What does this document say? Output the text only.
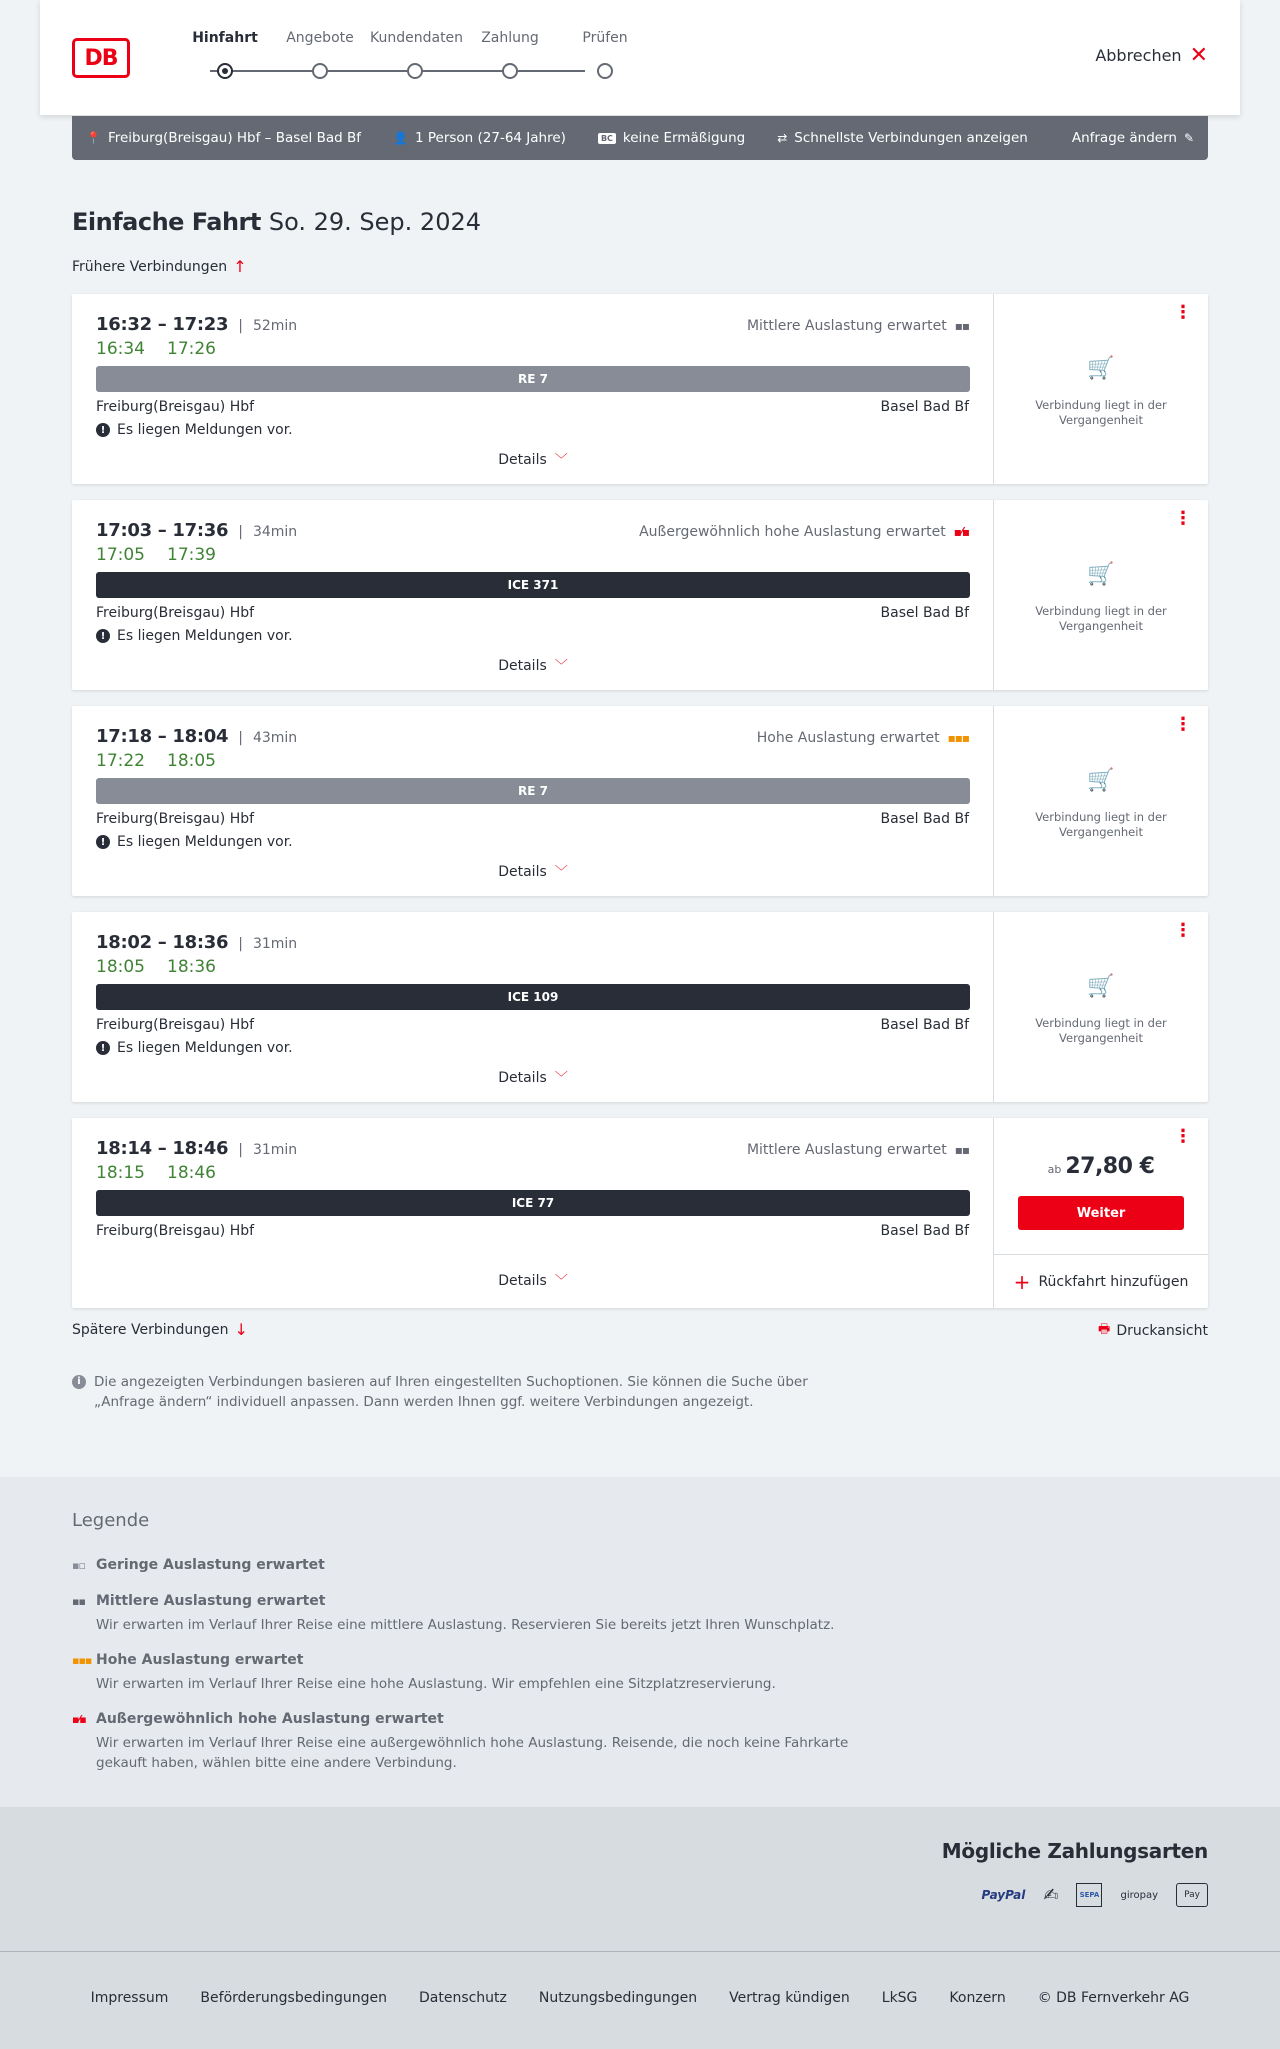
DB
Hinfahrt	Angebote	Kundendaten	Zahlung	Prüfen
Abbrechen ✕
📍 Freiburg(Breisgau) Hbf – Basel Bad Bf	👤 1 Person (27-64 Jahre)	BC keine Ermäßigung	⇄ Schnellste Verbindungen anzeigen	Anfrage ändern ✎
Einfache Fahrt So. 29. Sep. 2024
Frühere Verbindungen ↑
16:32 – 17:23 | 52min
16:34 17:26
Mittlere Auslastung erwartet ▪▪
RE 7
Freiburg(Breisgau) Hbf	Basel Bad Bf
! Es liegen Meldungen vor.
Details ﹀
⋮
🛒
Verbindung liegt in der Vergangenheit
17:03 – 17:36 | 34min
17:05 17:39
Außergewöhnlich hohe Auslastung erwartet ▪⁄▪
ICE 371
Freiburg(Breisgau) Hbf	Basel Bad Bf
! Es liegen Meldungen vor.
Details ﹀
⋮
🛒
Verbindung liegt in der Vergangenheit
17:18 – 18:04 | 43min
17:22 18:05
Hohe Auslastung erwartet ▪▪▪
RE 7
Freiburg(Breisgau) Hbf	Basel Bad Bf
! Es liegen Meldungen vor.
Details ﹀
⋮
🛒
Verbindung liegt in der Vergangenheit
18:02 – 18:36 | 31min
18:05 18:36
ICE 109
Freiburg(Breisgau) Hbf	Basel Bad Bf
! Es liegen Meldungen vor.
Details ﹀
⋮
🛒
Verbindung liegt in der Vergangenheit
18:14 – 18:46 | 31min
18:15 18:46
Mittlere Auslastung erwartet ▪▪
ICE 77
Freiburg(Breisgau) Hbf	Basel Bad Bf
Details ﹀
⋮
ab 27,80 €
Weiter
+ Rückfahrt hinzufügen
Spätere Verbindungen ↓	🖶 Druckansicht
i Die angezeigten Verbindungen basieren auf Ihren eingestellten Suchoptionen. Sie können die Suche über „Anfrage ändern“ individuell anpassen. Dann werden Ihnen ggf. weitere Verbindungen angezeigt.
Legende
▪▫ Geringe Auslastung erwartet
▪▪ Mittlere Auslastung erwartet
Wir erwarten im Verlauf Ihrer Reise eine mittlere Auslastung. Reservieren Sie bereits jetzt Ihren Wunschplatz.
▪▪▪ Hohe Auslastung erwartet
Wir erwarten im Verlauf Ihrer Reise eine hohe Auslastung. Wir empfehlen eine Sitzplatzreservierung.
▪⁄▪ Außergewöhnlich hohe Auslastung erwartet
Wir erwarten im Verlauf Ihrer Reise eine außergewöhnlich hohe Auslastung. Reisende, die noch keine Fahrkarte gekauft haben, wählen bitte eine andere Verbindung.
Mögliche Zahlungsarten
PayPal ✍	SEPA	giropay	Pay
Impressum Beförderungsbedingungen Datenschutz Nutzungsbedingungen Vertrag kündigen LkSG Konzern © DB Fernverkehr AG
